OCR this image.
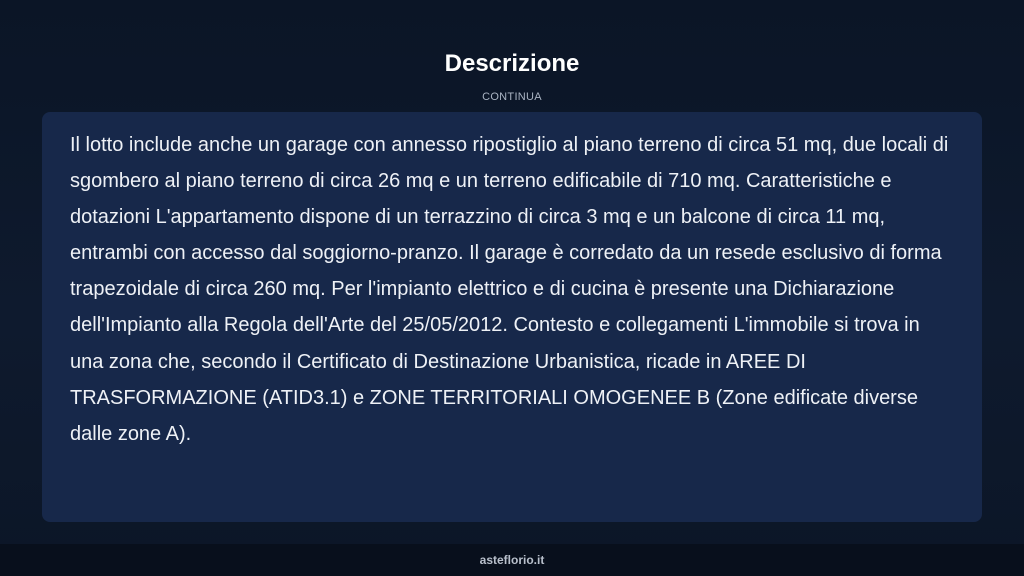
Descrizione
CONTINUA

Il lotto include anche un garage con annesso ripostiglio al piano terreno di circa 51 mq, due locali di sgombero al piano terreno di circa 26 mq e un terreno edificabile di 710 mq. Caratteristiche e dotazioni L'appartamento dispone di un terrazzino di circa 3 mq e un balcone di circa 11 mq, entrambi con accesso dal soggiorno-pranzo. Il garage è corredato da un resede esclusivo di forma trapezoidale di circa 260 mq. Per l'impianto elettrico e di cucina è presente una Dichiarazione dell'Impianto alla Regola dell'Arte del 25/05/2012. Contesto e collegamenti L'immobile si trova in una zona che, secondo il Certificato di Destinazione Urbanistica, ricade in AREE DI TRASFORMAZIONE (ATID3.1) e ZONE TERRITORIALI OMOGENEE B (Zone edificate diverse dalle zone A).

asteflorio.it
